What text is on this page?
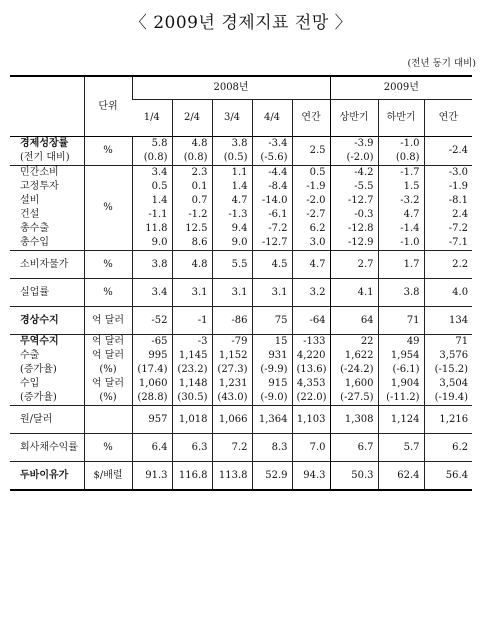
〈 2009년 경제지표 전망 〉
(전년 동기 대비)
	단위	2008년					2009년		
		1/4	2/4	3/4	4/4	연간	상반기	하반기	연간
경제성장률	%	5.8	4.8	3.8	-3.4	2.5	-3.9	-1.0	-2.4
(전기 대비)		(0.8)	(0.8)	(0.5)	(-5.6)		(-2.0)	(0.8)	
민간소비	%	3.4	2.3	1.1	-4.4	0.5	-4.2	-1.7	-3.0
고정투자		0.5	0.1	1.4	-8.4	-1.9	-5.5	1.5	-1.9
설비		1.4	0.7	4.7	-14.0	-2.0	-12.7	-3.2	-8.1
건설		-1.1	-1.2	-1.3	-6.1	-2.7	-0.3	4.7	2.4
총수출		11.8	12.5	9.4	-7.2	6.2	-12.8	-1.4	-7.2
총수입		9.0	8.6	9.0	-12.7	3.0	-12.9	-1.0	-7.1
소비자물가	%	3.8	4.8	5.5	4.5	4.7	2.7	1.7	2.2
실업률	%	3.4	3.1	3.1	3.1	3.2	4.1	3.8	4.0
경상수지	억 달러	-52	-1	-86	75	-64	64	71	134
무역수지	억 달러	-65	-3	-79	15	-133	22	49	71
수출	억 달러	995	1,145	1,152	931	4,220	1,622	1,954	3,576
(증가율)	(%)	(17.4)	(23.2)	(27.3)	(-9.9)	(13.6)	(-24.2)	(-6.1)	(-15.2)
수입	억 달러	1,060	1,148	1,231	915	4,353	1,600	1,904	3,504
(증가율)	(%)	(28.8)	(30.5)	(43.0)	(-9.0)	(22.0)	(-27.5)	(-11.2)	(-19.4)
원/달러		957	1,018	1,066	1,364	1,103	1,308	1,124	1,216
회사채수익률	%	6.4	6.3	7.2	8.3	7.0	6.7	5.7	6.2
두바이유가	$/배럴	91.3	116.8	113.8	52.9	94.3	50.3	62.4	56.4
